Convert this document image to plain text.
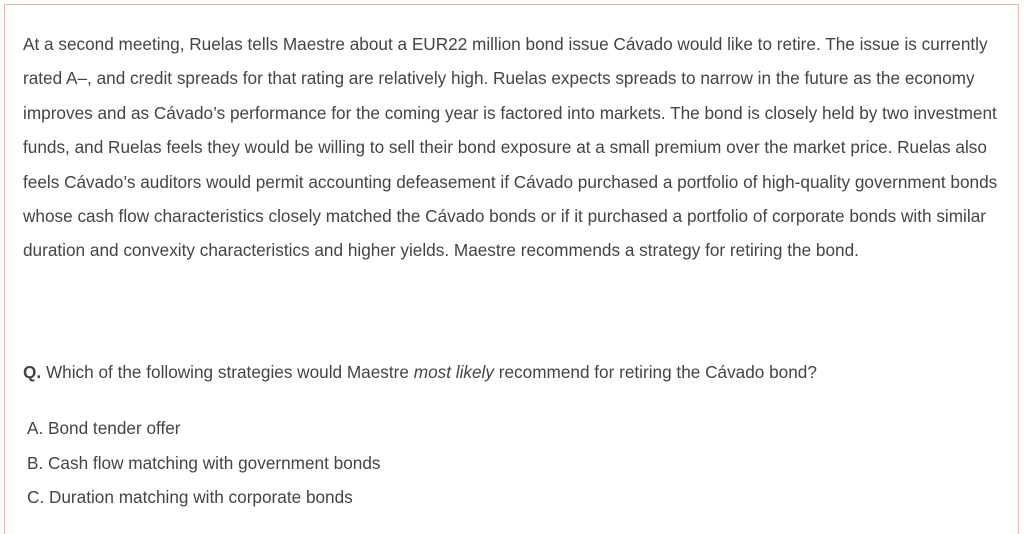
At a second meeting, Ruelas tells Maestre about a EUR22 million bond issue Cávado would like to retire. The issue is currently rated A–, and credit spreads for that rating are relatively high. Ruelas expects spreads to narrow in the future as the economy improves and as Cávado’s performance for the coming year is factored into markets. The bond is closely held by two investment funds, and Ruelas feels they would be willing to sell their bond exposure at a small premium over the market price. Ruelas also feels Cávado’s auditors would permit accounting defeasement if Cávado purchased a portfolio of high-quality government bonds whose cash flow characteristics closely matched the Cávado bonds or if it purchased a portfolio of corporate bonds with similar duration and convexity characteristics and higher yields. Maestre recommends a strategy for retiring the bond.

Q. Which of the following strategies would Maestre most likely recommend for retiring the Cávado bond?

A. Bond tender offer
B. Cash flow matching with government bonds
C. Duration matching with corporate bonds
